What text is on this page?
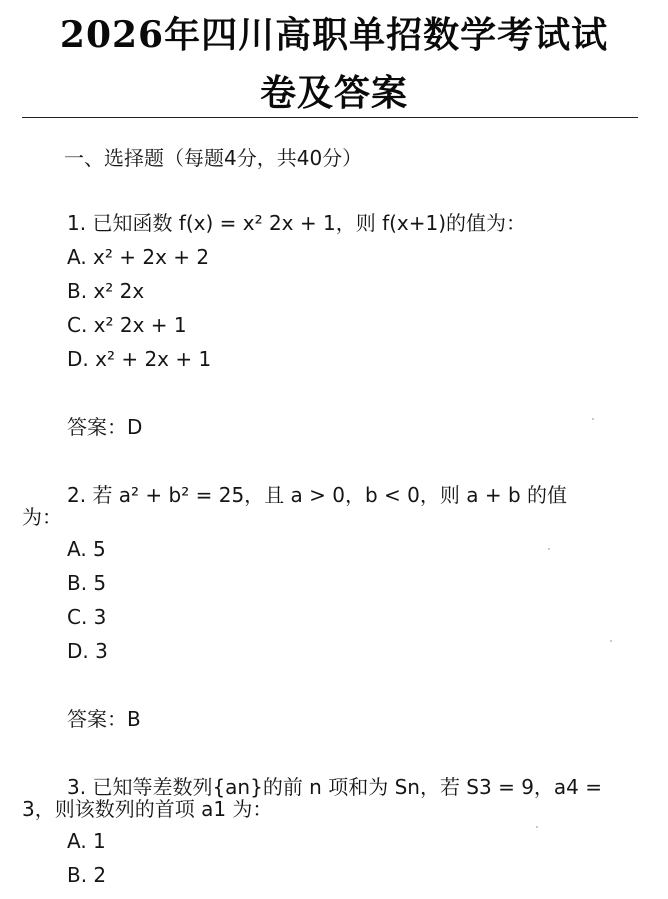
2026年四川高职单招数学考试试
卷及答案
一、选择题（每题4分，共40分）
1. 已知函数 f(x) = x² 2x + 1，则 f(x+1)的值为：
A. x² + 2x + 2
B. x² 2x
C. x² 2x + 1
D. x² + 2x + 1
答案：D
2. 若 a² + b² = 25，且 a > 0，b < 0，则 a + b 的值
为：
A. 5
B. 5
C. 3
D. 3
答案：B
3. 已知等差数列{an}的前 n 项和为 Sn，若 S3 = 9，a4 =
3，则该数列的首项 a1 为：
A. 1
B. 2
